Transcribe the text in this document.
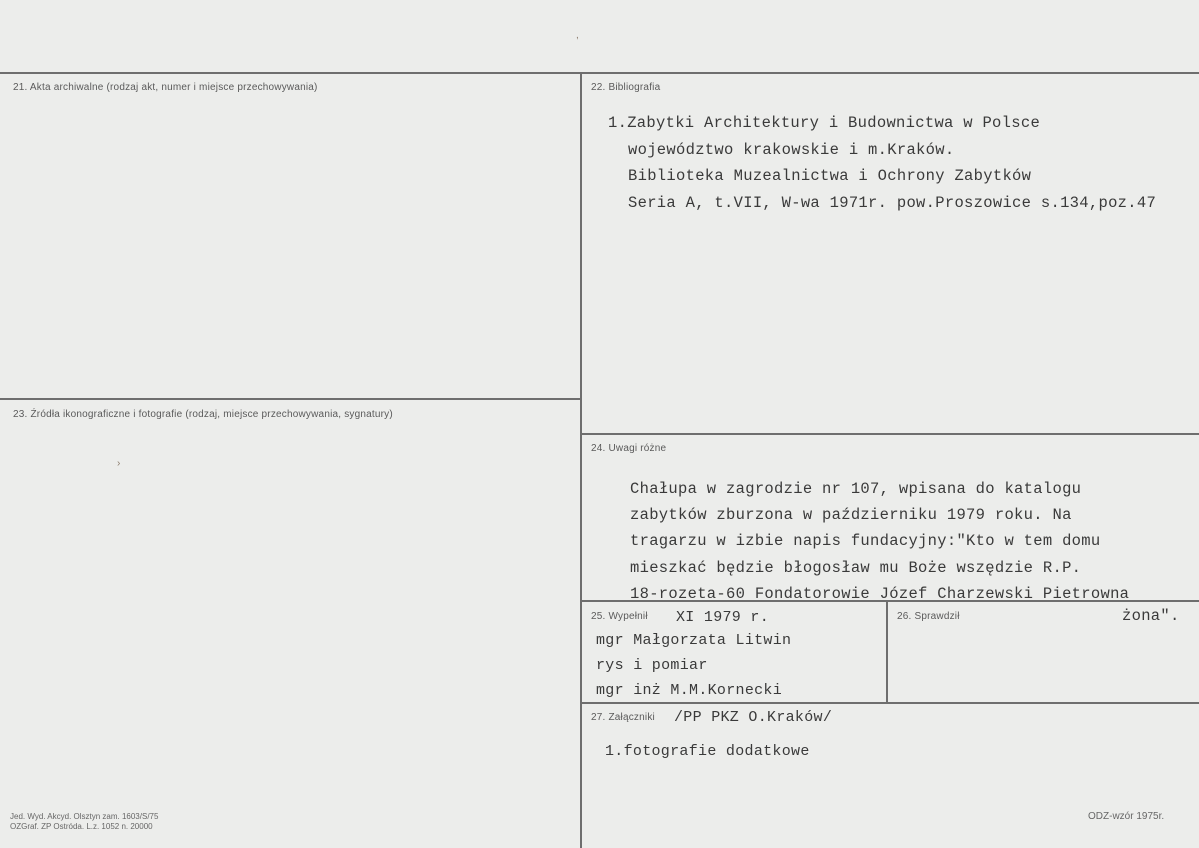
,
›
21. Akta archiwalne (rodzaj akt, numer i miejsce przechowywania)	22. Bibliografia
1.Zabytki Architektury i Budownictwa w Polsce
województwo krakowskie i m.Kraków.
Biblioteka Muzealnictwa i Ochrony Zabytków
Seria A, t.VII, W-wa 1971r. pow.Proszowice s.134,poz.47
23. Źródła ikonograficzne i fotografie (rodzaj, miejsce przechowywania, sygnatury)
24. Uwagi różne
Chałupa w zagrodzie nr 107, wpisana do katalogu
zabytków zburzona w październiku 1979 roku. Na
tragarzu w izbie napis fundacyjny:"Kto w tem domu
mieszkać będzie błogosław mu Boże wszędzie R.P.
18-rozeta-60 Fondatorowie Józef Charzewski Pietrowna
żona".
25. Wypełnił XI 1979 r.
mgr Małgorzata Litwin
rys i pomiar
mgr inż M.M.Kornecki
26. Sprawdził
27. Załączniki /PP PKZ O.Kraków/
1.fotografie dodatkowe
Jed. Wyd. Akcyd. Olsztyn zam. 1603/S/75
OZGraf. ZP Ostróda. L.z. 1052 n. 20000
ODZ-wzór 1975r.
